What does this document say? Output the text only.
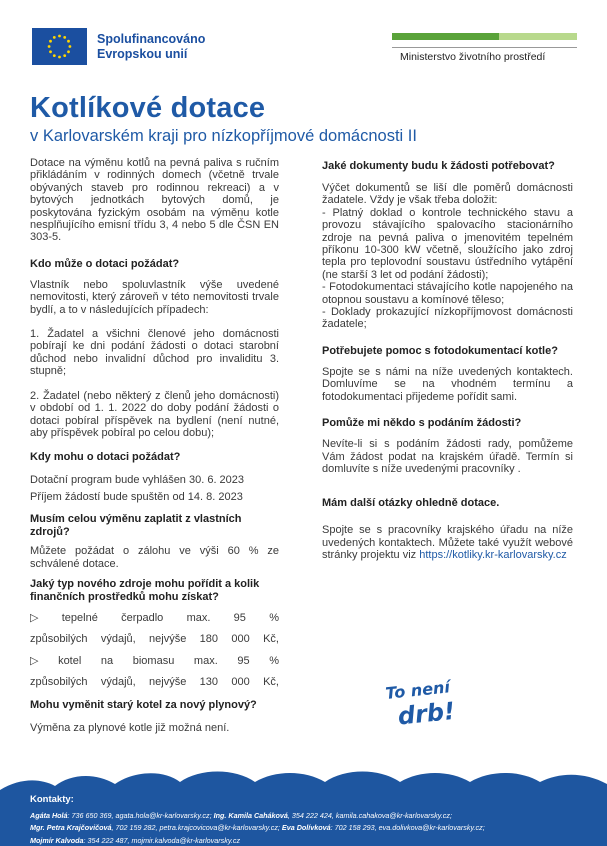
Spolufinancováno
Evropskou unií	Ministerstvo životního prostředí
Kotlíkové dotace
v Karlovarském kraji pro nízkopříjmové domácnosti II

Dotace na výměnu kotlů na pevná paliva s ručním přikládáním v rodinných domech (včetně trvale obývaných staveb pro rodinnou rekreaci) a v bytových jednotkách bytových domů, je poskytována fyzickým osobám na výměnu kotle nesplňujícího emisní třídu 3, 4 nebo 5 dle ČSN EN 303-5.

Kdo může o dotaci požádat?

Vlastník nebo spoluvlastník výše uvedené nemovitosti, který zároveň v této nemovitosti trvale bydlí, a to v následujících případech:

1. Žadatel a všichni členové jeho domácnosti pobírají ke dni podání žádosti o dotaci starobní důchod nebo invalidní důchod pro invaliditu 3. stupně;

2. Žadatel (nebo některý z členů jeho domácnosti) v období od 1. 1. 2022 do doby podání žádosti o dotaci pobíral příspěvek na bydlení (není nutné, aby příspěvek pobíral po celou dobu);

Kdy mohu o dotaci požádat?

Dotační program bude vyhlášen 30. 6. 2023

Příjem žádostí bude spuštěn od 14. 8. 2023

Musím celou výměnu zaplatit z vlastních zdrojů?

Můžete požádat o zálohu ve výši 60 % ze schválené dotace.

Jaký typ nového zdroje mohu pořídit a kolik finančních prostředků mohu získat?
▷ tepelné čerpadlo max. 95 %
způsobilých výdajů, nejvýše 180 000 Kč,
▷ kotel na biomasu max. 95 %
způsobilých výdajů, nejvýše 130 000 Kč,
Mohu vyměnit starý kotel za nový plynový?

Výměna za plynové kotle již možná není.

Jaké dokumenty budu k žádosti potřebovat?

Výčet dokumentů se liší dle poměrů domácnosti žadatele. Vždy je však třeba doložit:

- Platný doklad o kontrole technického stavu a provozu stávajícího spalovacího stacionárního zdroje na pevná paliva o jmenovitém tepelném příkonu 10-300 kW včetně, sloužícího jako zdroj tepla pro teplovodní soustavu ústředního vytápění (ne starší 3 let od podání žádosti);

- Fotodokumentaci stávajícího kotle napojeného na otopnou soustavu a komínové těleso;

- Doklady prokazující nízkopříjmovost domácnosti žadatele;

Potřebujete pomoc s fotodokumentací kotle?

Spojte se s námi na níže uvedených kontaktech. Domluvíme se na vhodném termínu a fotodokumentaci přijedeme pořídit sami.

Pomůže mi někdo s podáním žádosti?

Nevíte-li si s podáním žádosti rady, pomůžeme Vám žádost podat na krajském úřadě. Termín si domluvíte s níže uvedenými pracovníky .

Mám další otázky ohledně dotace.

Spojte se s pracovníky krajského úřadu na níže uvedených kontaktech. Můžete také využít webové stránky projektu viz https://kotliky.kr-karlovarsky.cz

To není
drb!
Kontakty:
Agáta Holá: 736 650 369, agata.hola@kr-karlovarsky.cz; Ing. Kamila Caháková, 354 222 424, kamila.cahakova@kr-karlovarsky.cz;
Mgr. Petra Krajčovičová, 702 159 282, petra.krajcovicova@kr-karlovarsky.cz; Eva Dolívková: 702 158 293, eva.dolivkova@kr-karlovarsky.cz;
Mojmír Kalvoda: 354 222 487, mojmir.kalvoda@kr-karlovarsky.cz
